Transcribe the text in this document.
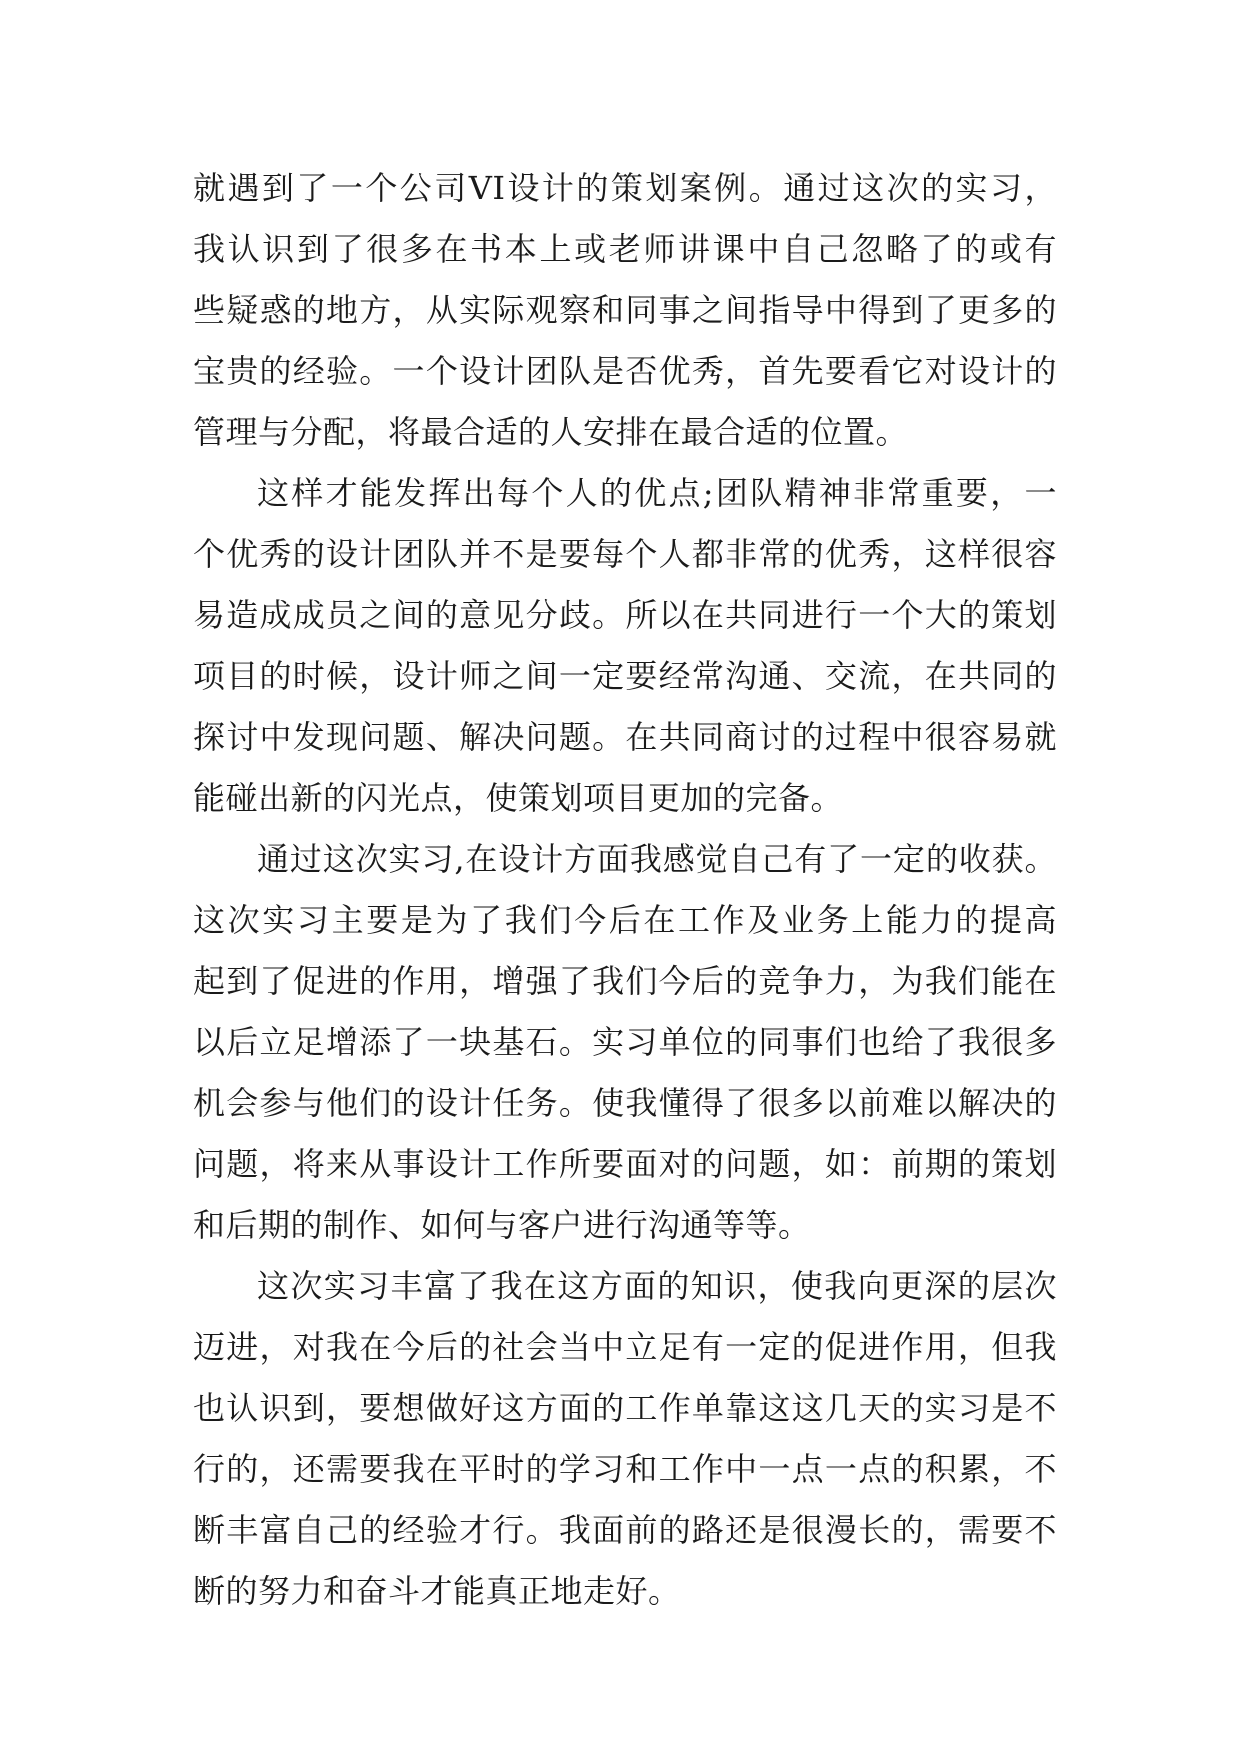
就遇到了一个公司VI设计的策划案例。通过这次的实习，
我认识到了很多在书本上或老师讲课中自己忽略了的或有
些疑惑的地方，从实际观察和同事之间指导中得到了更多的
宝贵的经验。一个设计团队是否优秀，首先要看它对设计的
管理与分配，将最合适的人安排在最合适的位置。
这样才能发挥出每个人的优点;团队精神非常重要，一
个优秀的设计团队并不是要每个人都非常的优秀，这样很容
易造成成员之间的意见分歧。所以在共同进行一个大的策划
项目的时候，设计师之间一定要经常沟通、交流，在共同的
探讨中发现问题、解决问题。在共同商讨的过程中很容易就
能碰出新的闪光点，使策划项目更加的完备。
通过这次实习,在设计方面我感觉自己有了一定的收获。
这次实习主要是为了我们今后在工作及业务上能力的提高
起到了促进的作用，增强了我们今后的竞争力，为我们能在
以后立足增添了一块基石。实习单位的同事们也给了我很多
机会参与他们的设计任务。使我懂得了很多以前难以解决的
问题，将来从事设计工作所要面对的问题，如：前期的策划
和后期的制作、如何与客户进行沟通等等。
这次实习丰富了我在这方面的知识，使我向更深的层次
迈进，对我在今后的社会当中立足有一定的促进作用，但我
也认识到，要想做好这方面的工作单靠这这几天的实习是不
行的，还需要我在平时的学习和工作中一点一点的积累，不
断丰富自己的经验才行。我面前的路还是很漫长的，需要不
断的努力和奋斗才能真正地走好。
